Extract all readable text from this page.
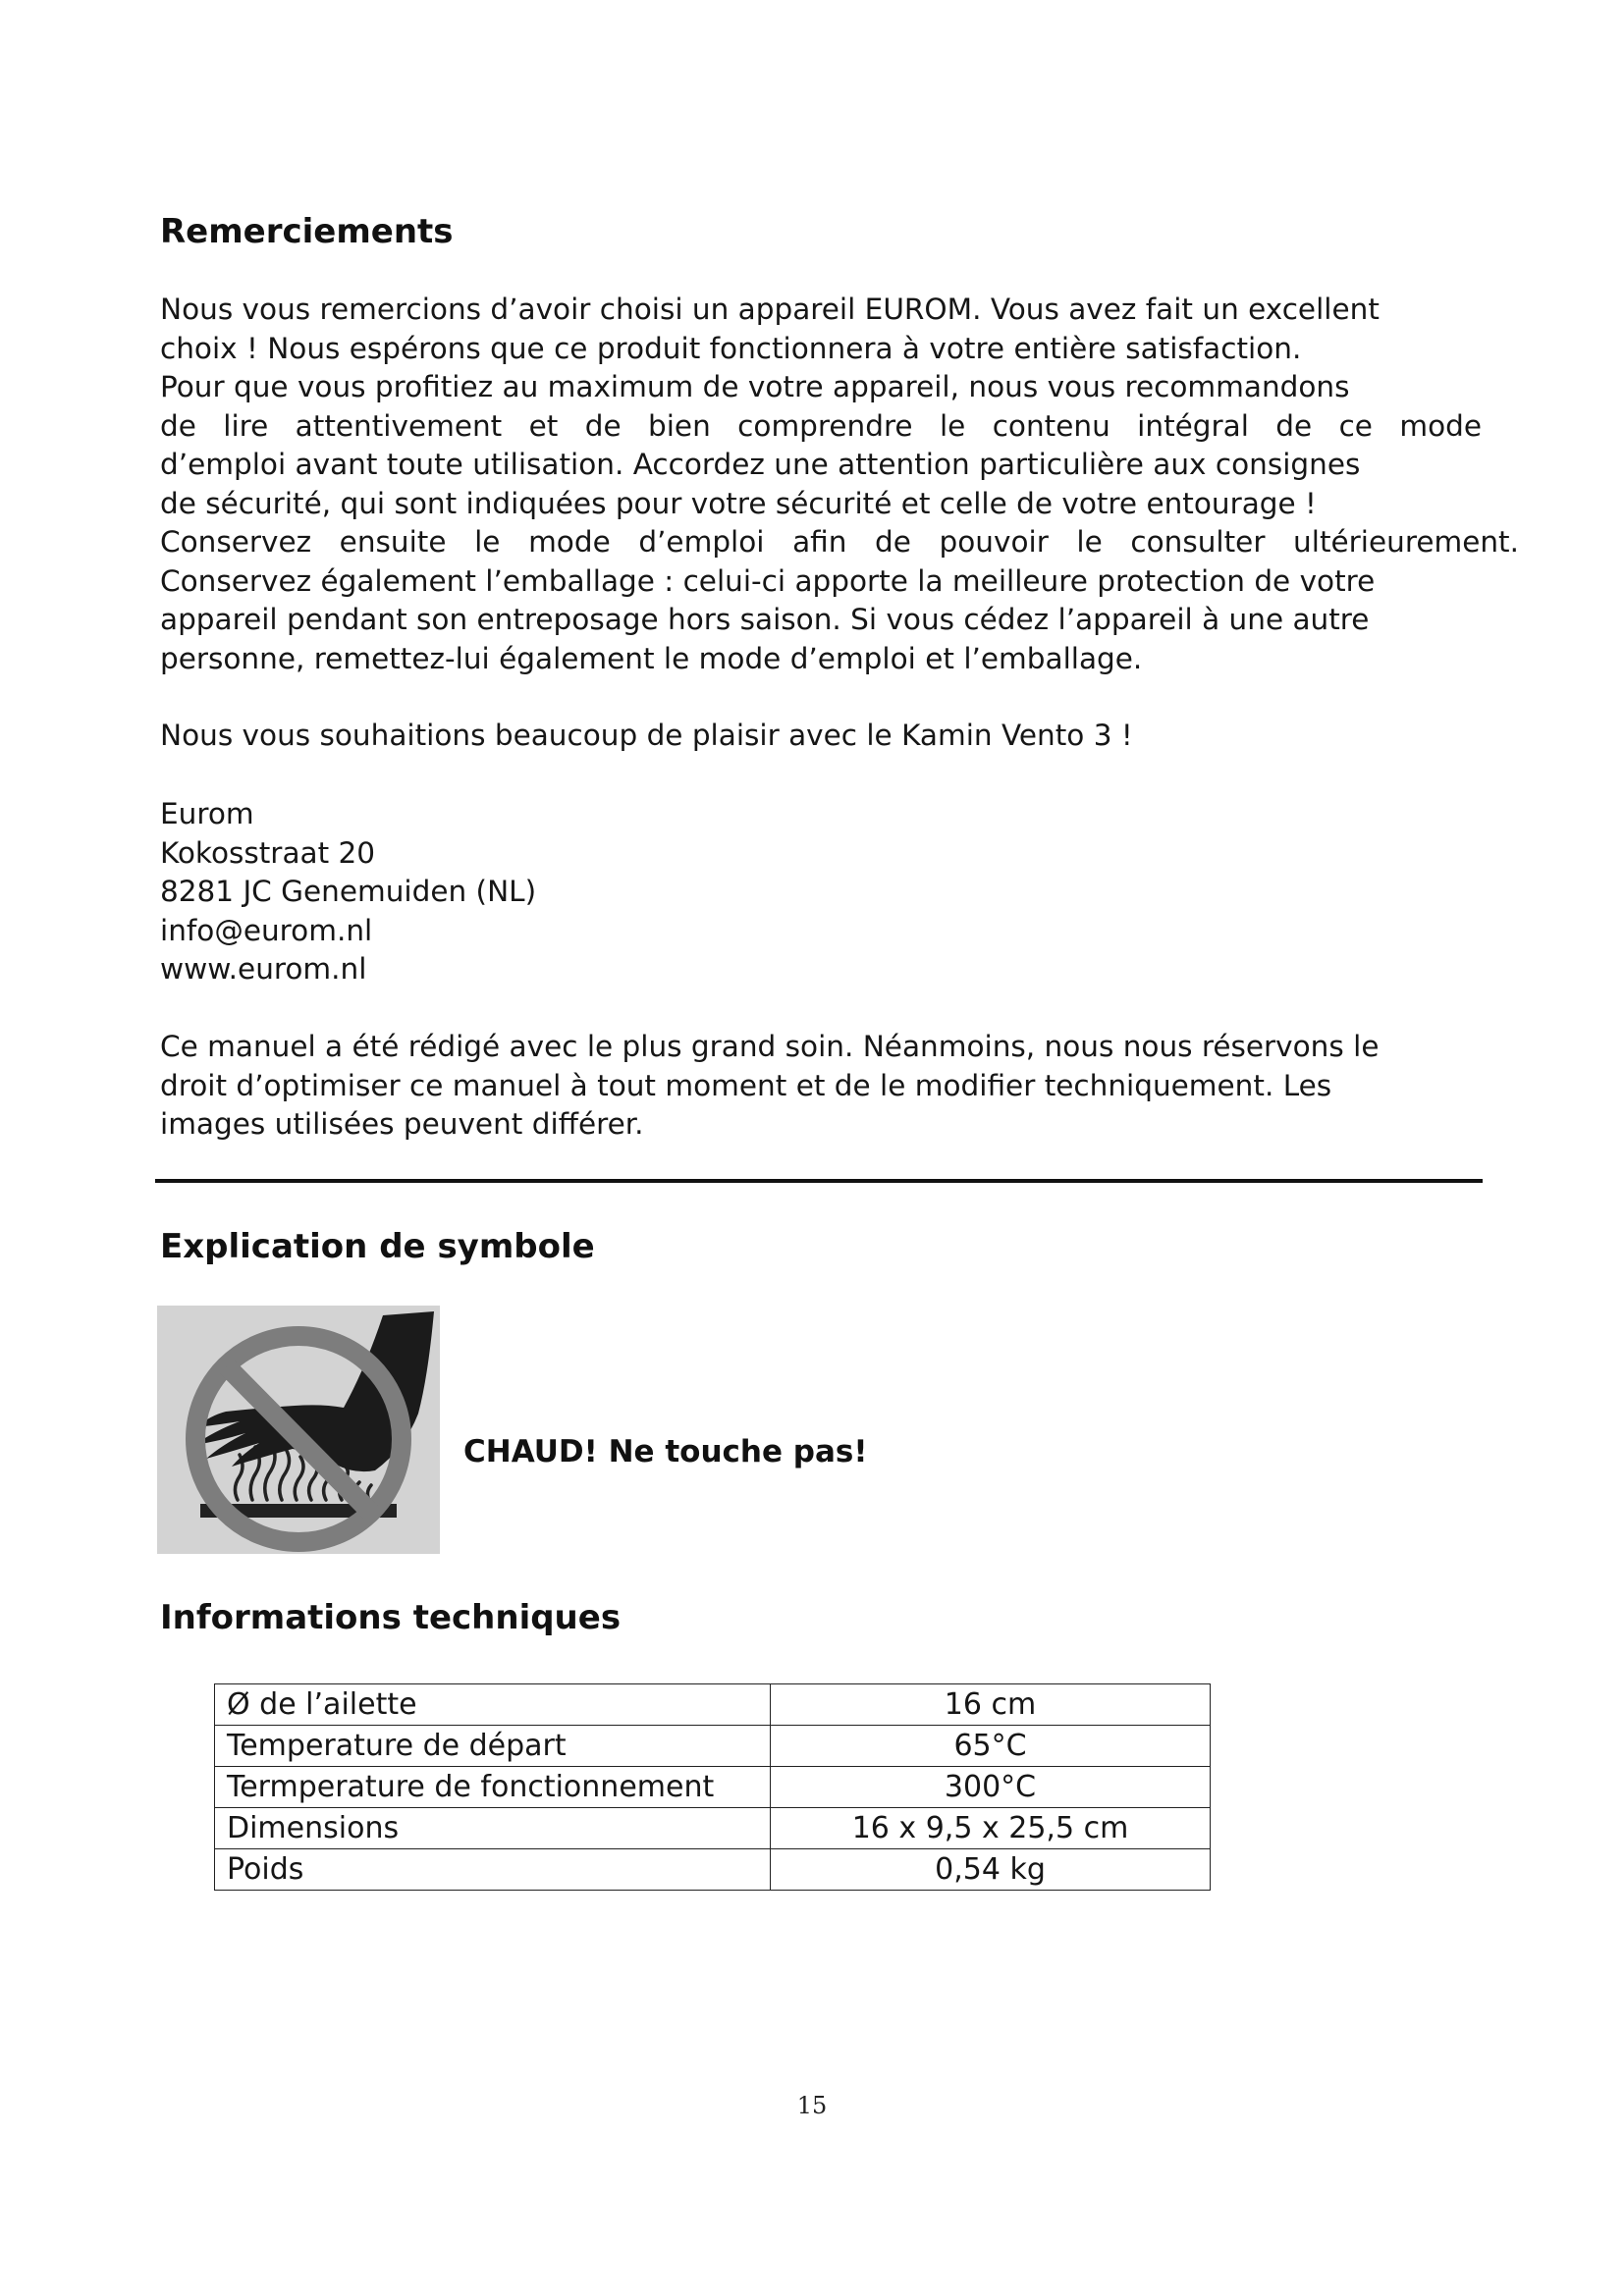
Remerciements
Nous vous remercions d’avoir choisi un appareil EUROM. Vous avez fait un excellent
choix ! Nous espérons que ce produit fonctionnera à votre entière satisfaction.
Pour que vous profitiez au maximum de votre appareil, nous vous recommandons
de lire attentivement et de bien comprendre le contenu intégral de ce mode
d’emploi avant toute utilisation. Accordez une attention particulière aux consignes
de sécurité, qui sont indiquées pour votre sécurité et celle de votre entourage !
Conservez ensuite le mode d’emploi afin de pouvoir le consulter ultérieurement.
Conservez également l’emballage : celui-ci apporte la meilleure protection de votre
appareil pendant son entreposage hors saison. Si vous cédez l’appareil à une autre
personne, remettez-lui également le mode d’emploi et l’emballage.
Nous vous souhaitions beaucoup de plaisir avec le Kamin Vento 3 !
Eurom
Kokosstraat 20
8281 JC Genemuiden (NL)
info@eurom.nl
www.eurom.nl
Ce manuel a été rédigé avec le plus grand soin. Néanmoins, nous nous réservons le
droit d’optimiser ce manuel à tout moment et de le modifier techniquement. Les
images utilisées peuvent différer.
Explication de symbole
CHAUD! Ne touche pas!
Informations techniques
Ø de l’ailette	16 cm
Temperature de départ	65°C
Termperature de fonctionnement	300°C
Dimensions	16 x 9,5 x 25,5 cm
Poids	0,54 kg
15
